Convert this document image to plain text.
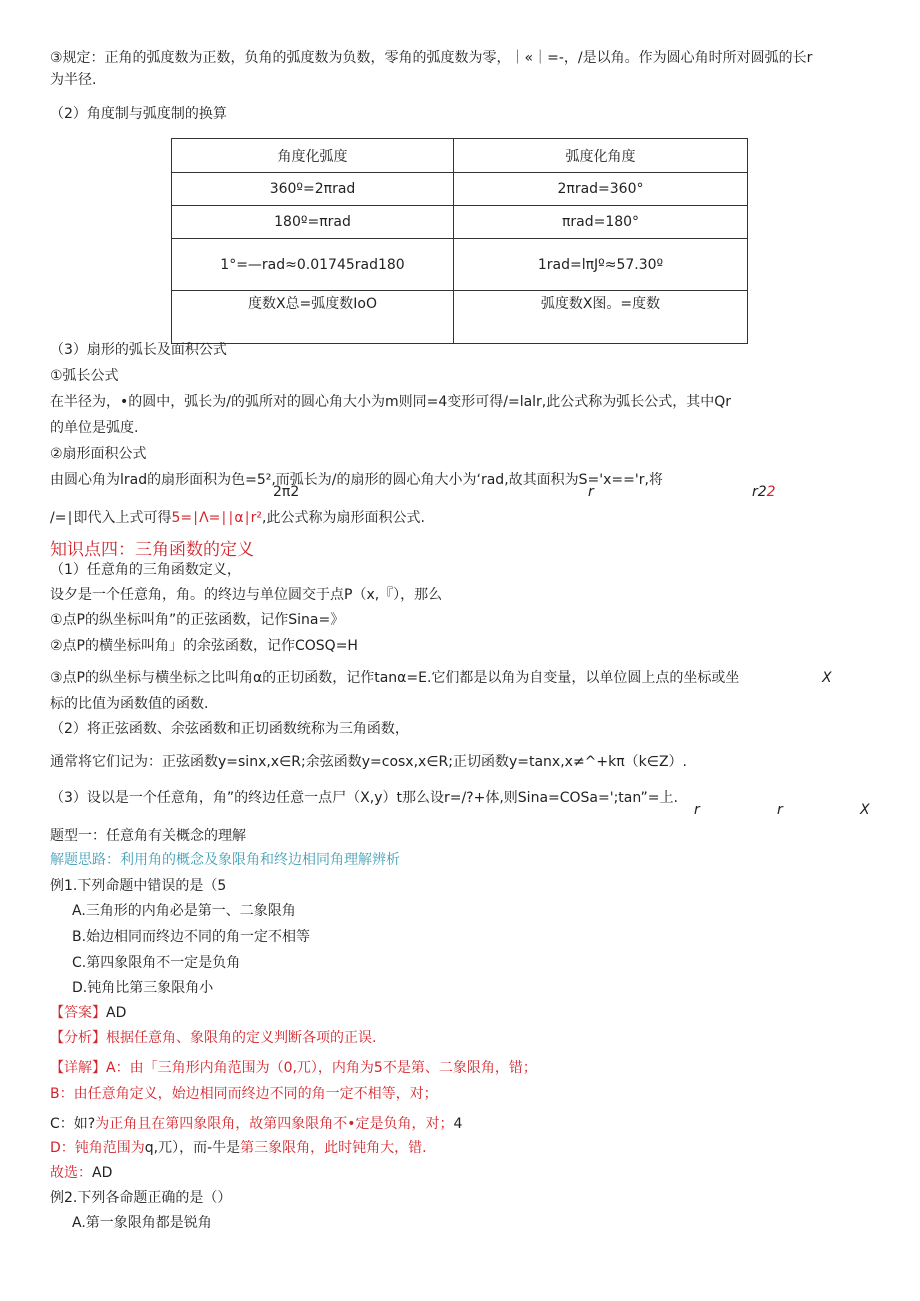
③规定：正角的弧度数为正数，负角的弧度数为负数，零角的弧度数为零，｜«｜=-，/是以角。作为圆心角时所对圆弧的长r
为半径.
（2）角度制与弧度制的换算
角度化弧度	弧度化角度
360º=2πrad	2πrad=360°
180º=πrad	πrad=180°
1°=—rad≈0.01745rad180	1rad=lπJº≈57.30º
度数X总=弧度数IoO	弧度数X图。=度数
（3）扇形的弧长及面积公式
①弧长公式
在半径为，•的圆中，弧长为/的弧所对的圆心角大小为m则同=4变形可得/=lalr,此公式称为弧长公式，其中Qr
的单位是弧度.
②扇形面积公式
由圆心角为lrad的扇形面积为色=5²,而弧长为/的扇形的圆心角大小为‘rad,故其面积为S='x=='r,将
2π2	r	r22
/=∣即代入上式可得5=∣Λ=∣∣α∣r²,此公式称为扇形面积公式.
知识点四：三角函数的定义
（1）任意角的三角函数定义，
设夕是一个任意角，角。的终边与单位圆交于点P（x,『），那么
①点P的纵坐标叫角”的正弦函数，记作Sina=》
②点P的横坐标叫角」的余弦函数，记作COSQ=H
③点P的纵坐标与横坐标之比叫角α的正切函数，记作tanα=E.它们都是以角为自变量，以单位圆上点的坐标或坐	X
标的比值为函数值的函数.
（2）将正弦函数、余弦函数和正切函数统称为三角函数，
通常将它们记为：正弦函数y=sinx,x∈R;余弦函数y=cosx,x∈R;正切函数y=tanx,x≠^+kπ（k∈Z）.
（3）设以是一个任意角，角”的终边任意一点尸（X,y）t那么设r=/?+体,则Sina=COSa=';tan”=上.
r	r	X
题型一：任意角有关概念的理解
解题思路：利用角的概念及象限角和终边相同角理解辨析
例1.下列命题中错误的是（5
A.三角形的内角必是第一、二象限角
B.始边相同而终边不同的角一定不相等
C.第四象限角不一定是负角
D.钝角比第三象限角小
【答案】AD
【分析】根据任意角、象限角的定义判断各项的正误.
【详解】A：由「三角形内角范围为（0,兀），内角为5不是第、二象限角，错；
B：由任意角定义，始边相同而终边不同的角一定不相等，对；
C：如?为正角且在第四象限角，故第四象限角不•定是负角，对；4
D：钝角范围为q,兀），而-牛是第三象限角，此时钝角大，错.
故选：AD
例2.下列各命题正确的是（）
A.第一象限角都是锐角
